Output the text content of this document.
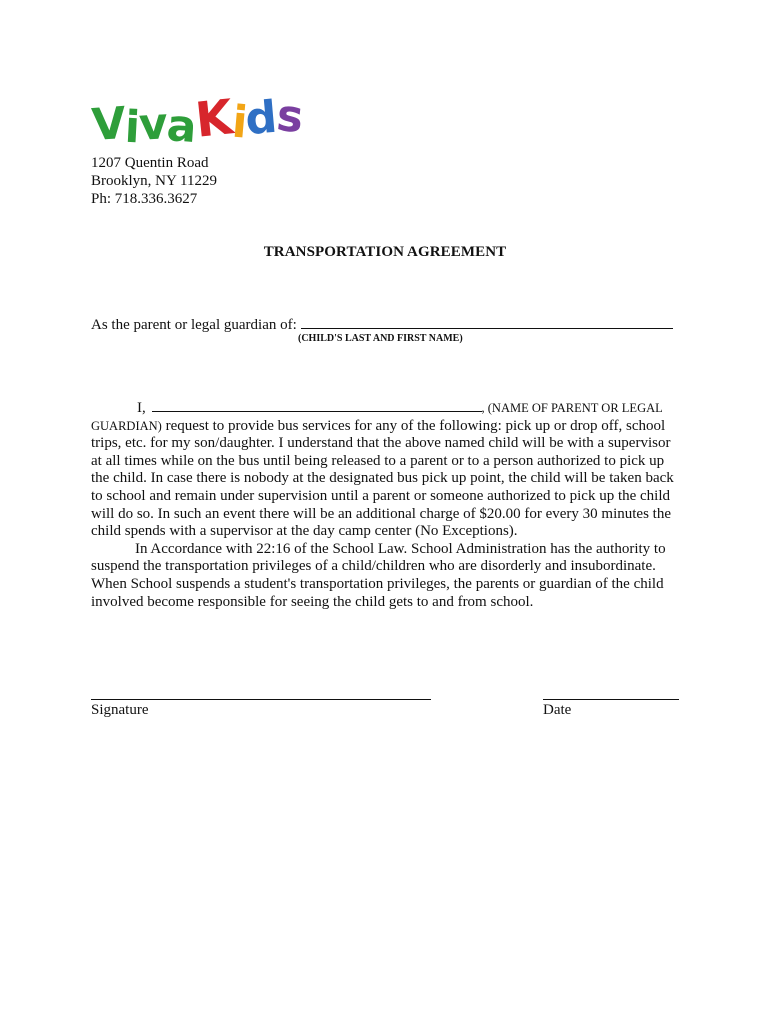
VivaKids
1207 Quentin Road
Brooklyn, NY 11229
Ph: 718.336.3627
TRANSPORTATION AGREEMENT
As the parent or legal guardian of:
(CHILD'S LAST AND FIRST NAME)

I,	, (NAME OF PARENT OR LEGAL
GUARDIAN) request to provide bus services for any of the following: pick up or drop off, school trips, etc. for my son/daughter. I understand that the above named child will be with a supervisor at all times while on the bus until being released to a parent or to a person authorized to pick up the child. In case there is nobody at the designated bus pick up point, the child will be taken back to school and remain under supervision until a parent or someone authorized to pick up the child will do so. In such an event there will be an additional charge of $20.00 for every 30 minutes the child spends with a supervisor at the day camp center (No Exceptions).

In Accordance with 22:16 of the School Law. School Administration has the authority to suspend the transportation privileges of a child/children who are disorderly and insubordinate. When School suspends a student's transportation privileges, the parents or guardian of the child involved become responsible for seeing the child gets to and from school.

Signature	Date
